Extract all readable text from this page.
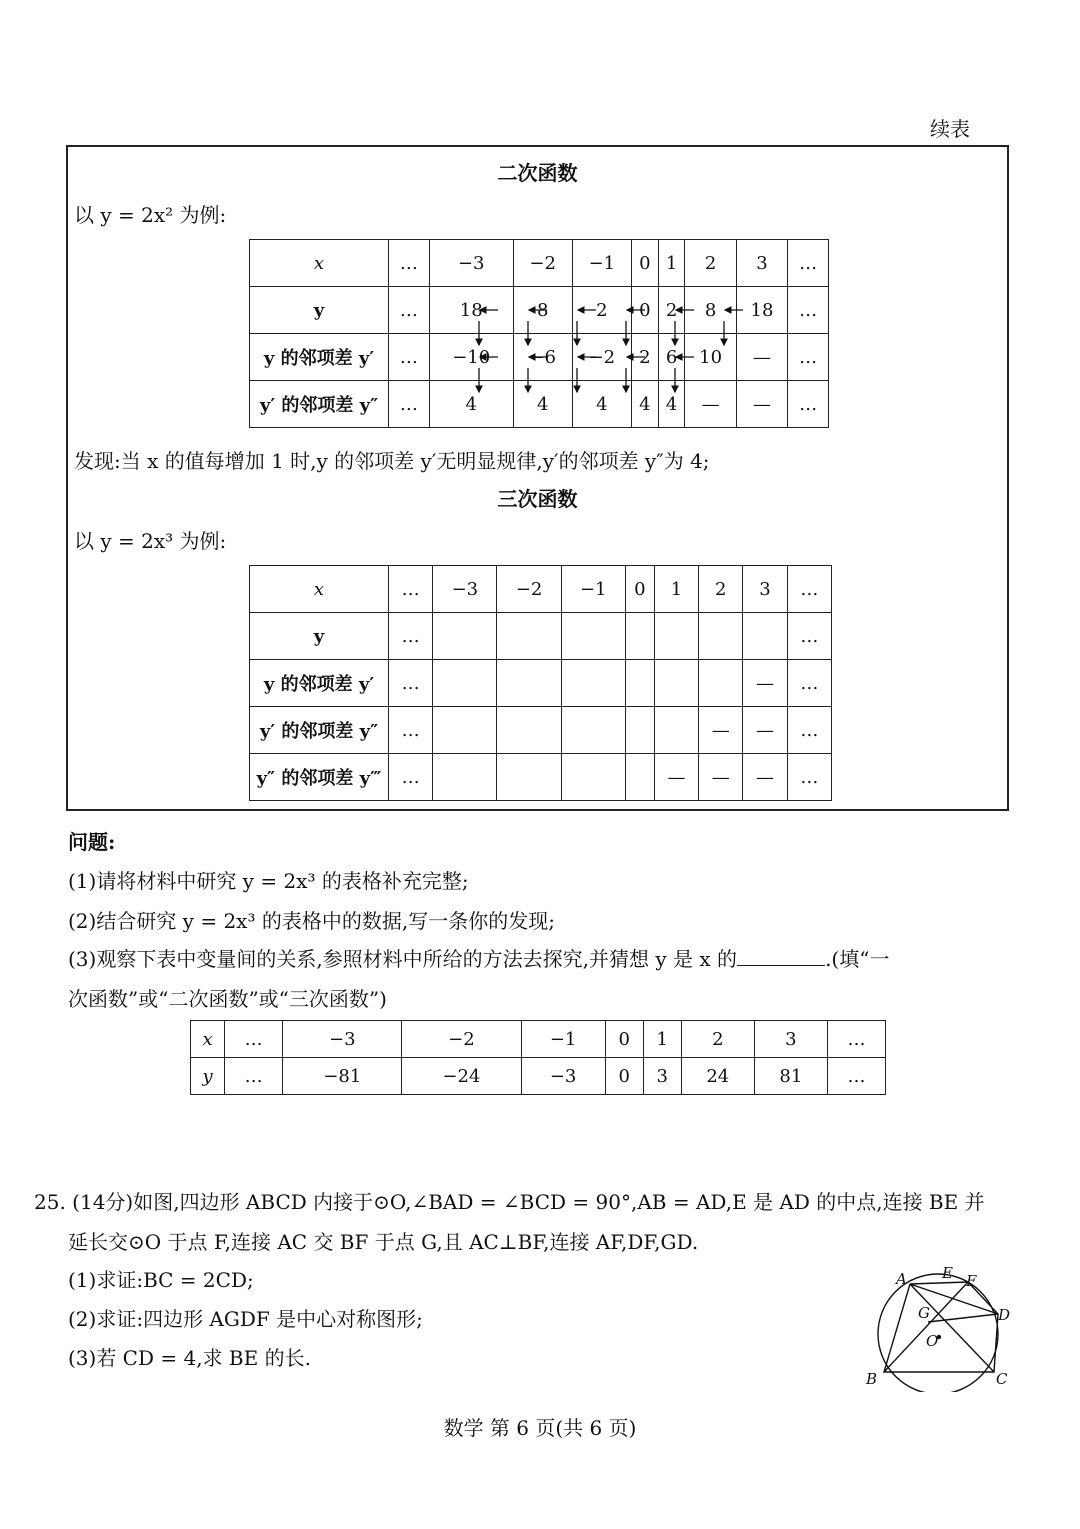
续表
二次函数
以 y = 2x² 为例:
x	…	−3	−2	−1	0	1	2	3	…
y	…	18	8	2	0	2	8	18	…
y 的邻项差 y′	…	−10	−6	−2	2	6	10	—	…
y′ 的邻项差 y″	…	4	4	4	4	4	—	—	…
发现:当 x 的值每增加 1 时,y 的邻项差 y′无明显规律,y′的邻项差 y″为 4;
三次函数
以 y = 2x³ 为例:
x	…	−3	−2	−1	0	1	2	3	…
y	…								…
y 的邻项差 y′	…							—	…
y′ 的邻项差 y″	…						—	—	…
y″ 的邻项差 y‴	…					—	—	—	…
问题:
(1)请将材料中研究 y = 2x³ 的表格补充完整;
(2)结合研究 y = 2x³ 的表格中的数据,写一条你的发现;
(3)观察下表中变量间的关系,参照材料中所给的方法去探究,并猜想 y 是 x 的	.(填“一
次函数”或“二次函数”或“三次函数”)
x	…	−3	−2	−1	0	1	2	3	…
y	…	−81	−24	−3	0	3	24	81	…
25. (14分)如图,四边形 ABCD 内接于⊙O,∠BAD = ∠BCD = 90°,AB = AD,E 是 AD 的中点,连接 BE 并
延长交⊙O 于点 F,连接 AC 交 BF 于点 G,且 AC⊥BF,连接 AF,DF,GD.
(1)求证:BC = 2CD;
(2)求证:四边形 AGDF 是中心对称图形;
(3)若 CD = 4,求 BE 的长.
A
B	C
D
E F
G
O
数学 第 6 页(共 6 页)
